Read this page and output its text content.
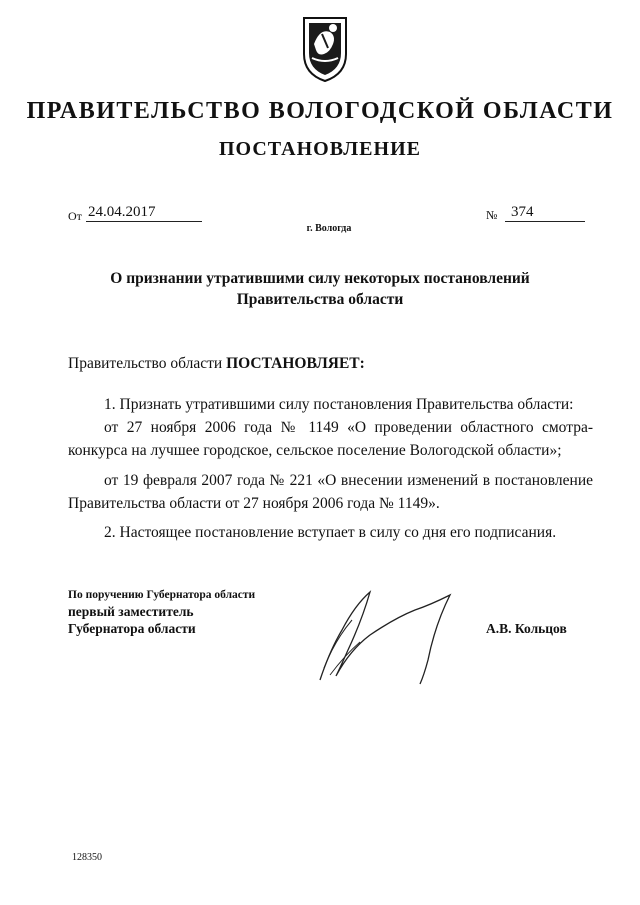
ПРАВИТЕЛЬСТВО ВОЛОГОДСКОЙ ОБЛАСТИ
ПОСТАНОВЛЕНИЕ
От 24.04.2017	№ 374
г. Вологда
О признании утратившими силу некоторых постановлений
Правительства области
Правительство области ПОСТАНОВЛЯЕТ:
1. Признать утратившими силу постановления Правительства области:
от 27 ноября 2006 года № 1149 «О проведении областного смотра-
конкурса на лучшее городское, сельское поселение Вологодской области»;
от 19 февраля 2007 года № 221 «О внесении изменений в постановление
Правительства области от 27 ноября 2006 года № 1149».
2. Настоящее постановление вступает в силу со дня его подписания.
По поручению Губернатора области
первый заместитель
Губернатора области	А.В. Кольцов
128350
